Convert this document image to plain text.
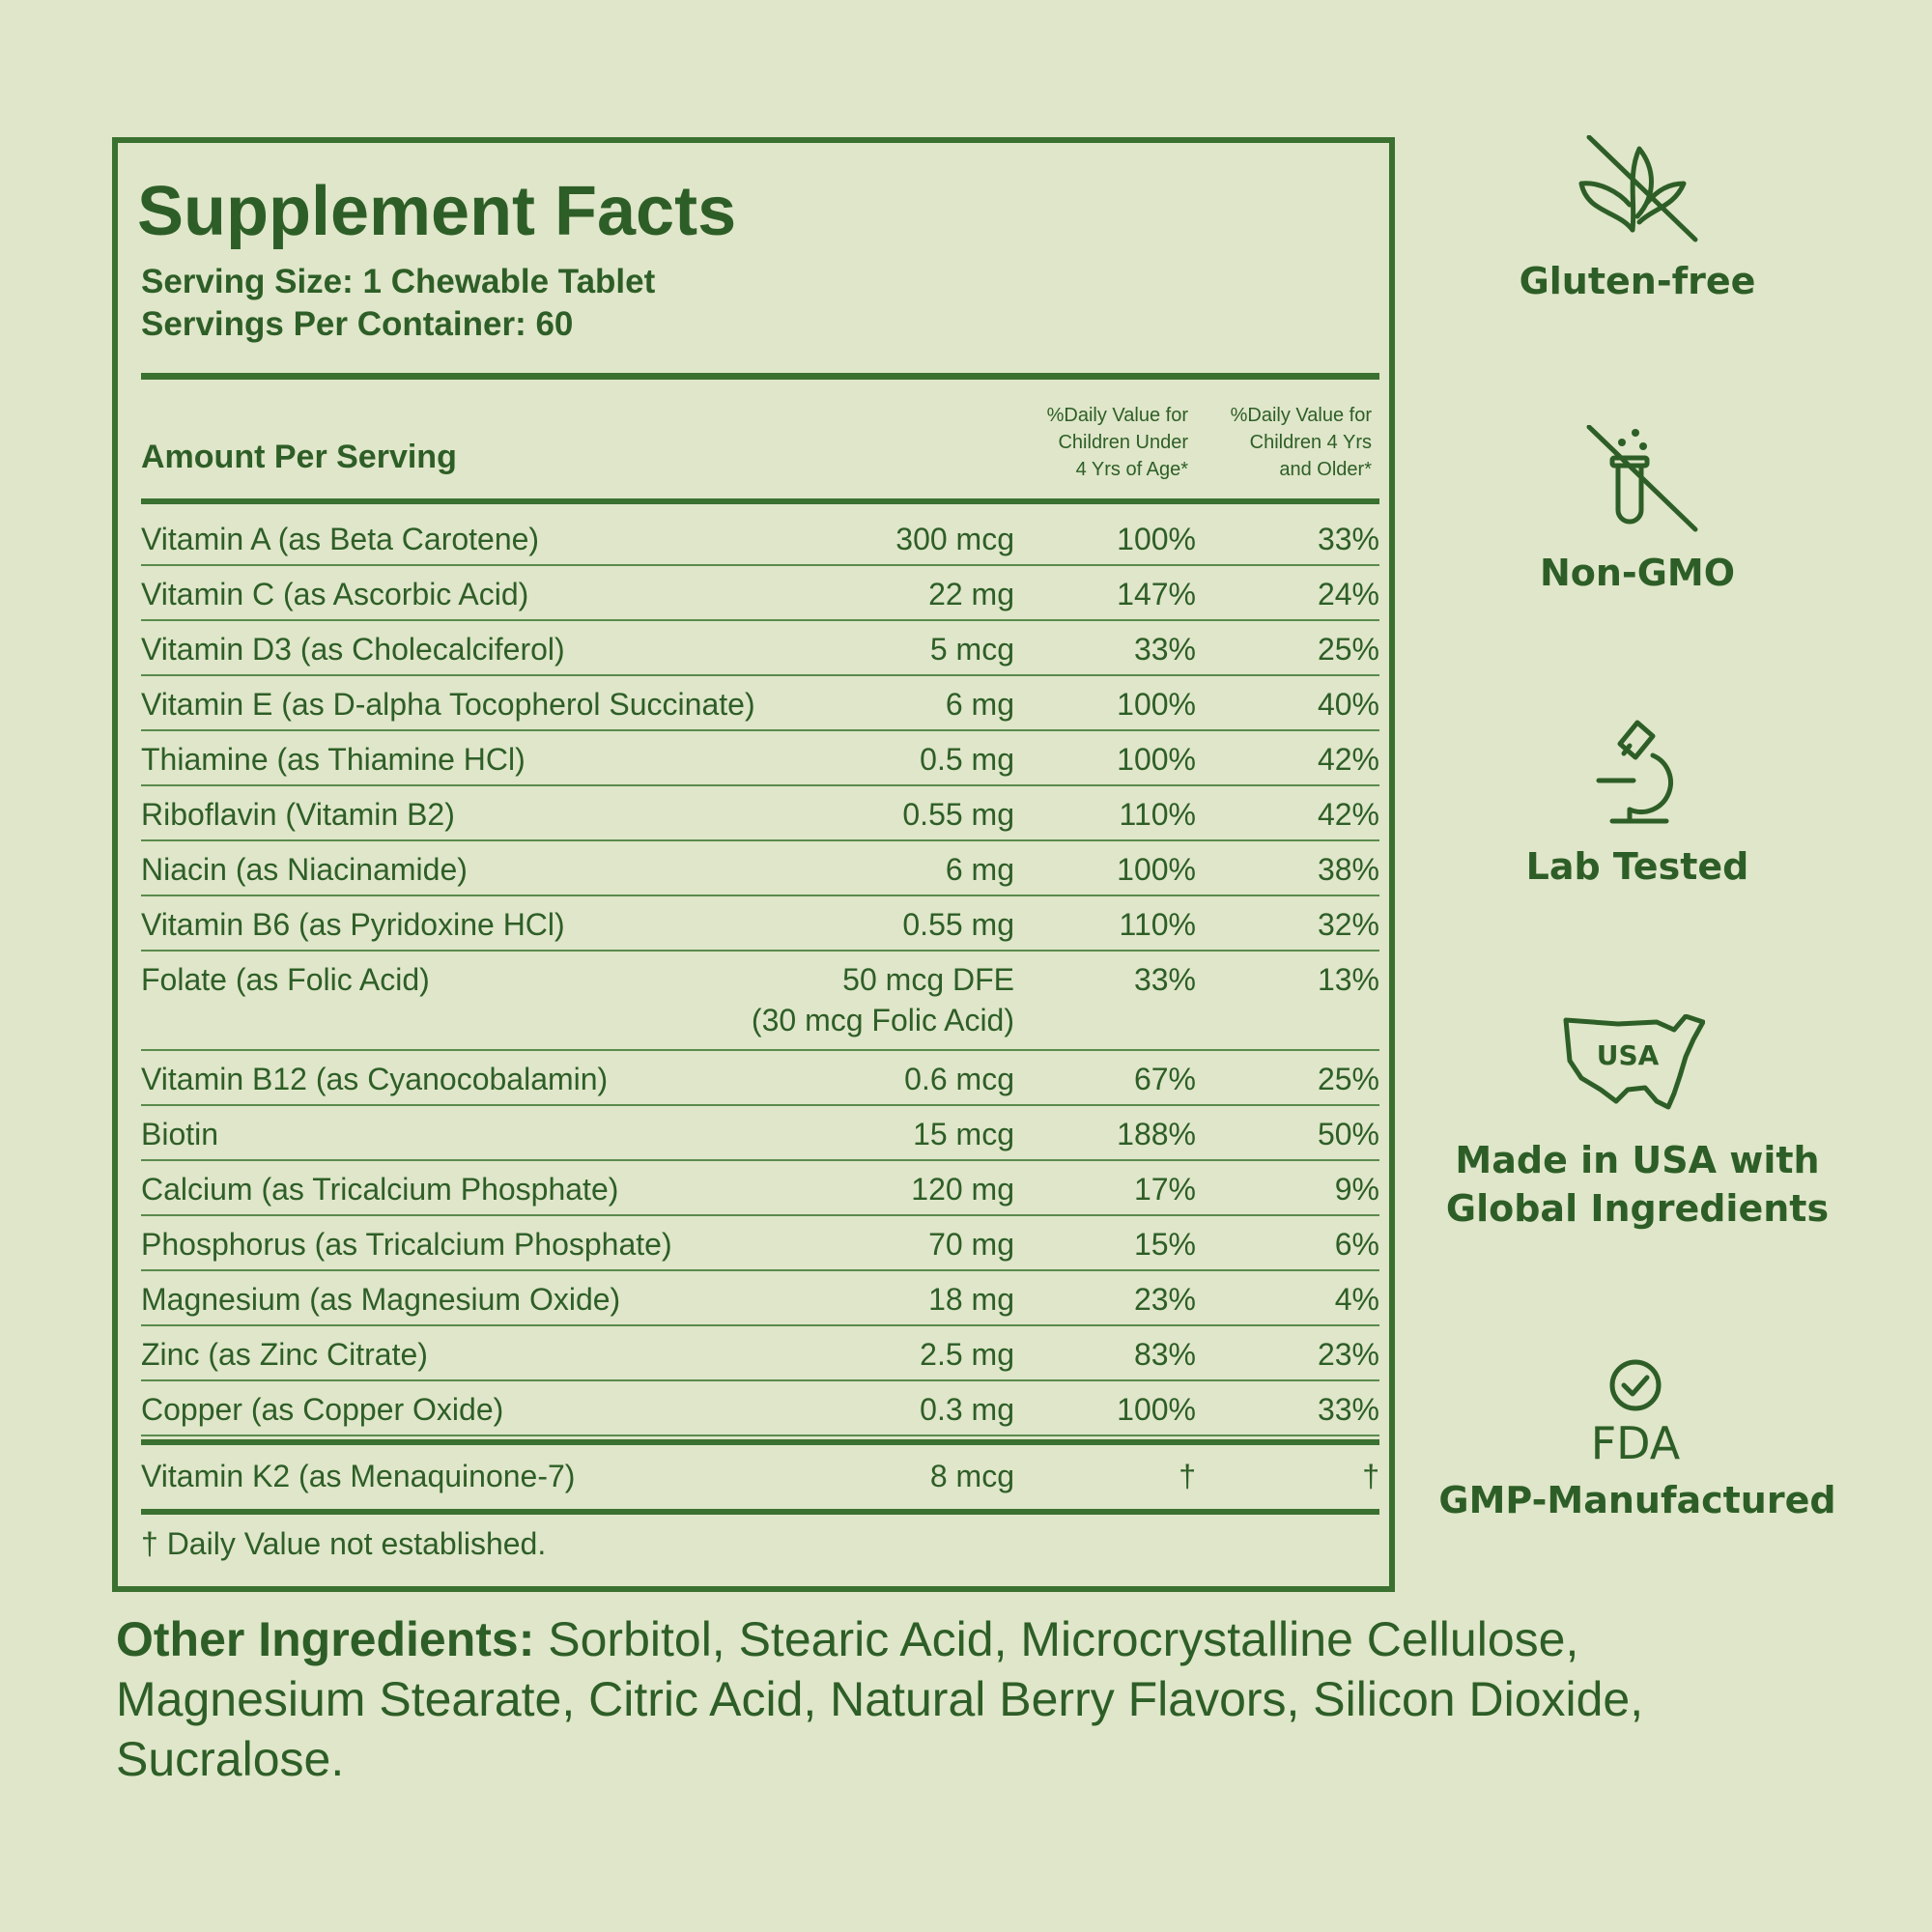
Supplement Facts
Serving Size: 1 Chewable Tablet
Servings Per Container: 60
Amount Per Serving
%Daily Value for
Children Under
4 Yrs of Age*
%Daily Value for
Children 4 Yrs
and Older*
Vitamin A (as Beta Carotene)	300 mcg	100%	33%
Vitamin C (as Ascorbic Acid)	22 mg	147%	24%
Vitamin D3 (as Cholecalciferol)	5 mcg	33%	25%
Vitamin E (as D-alpha Tocopherol Succinate)	6 mg	100%	40%
Thiamine (as Thiamine HCl)	0.5 mg	100%	42%
Riboflavin (Vitamin B2)	0.55 mg	110%	42%
Niacin (as Niacinamide)	6 mg	100%	38%
Vitamin B6 (as Pyridoxine HCl)	0.55 mg	110%	32%
Folate (as Folic Acid)	50 mcg DFE	33%	13%
(30 mcg Folic Acid)
Vitamin B12 (as Cyanocobalamin)	0.6 mcg	67%	25%
Biotin	15 mcg	188%	50%
Calcium (as Tricalcium Phosphate)	120 mg	17%	9%
Phosphorus (as Tricalcium Phosphate)	70 mg	15%	6%
Magnesium (as Magnesium Oxide)	18 mg	23%	4%
Zinc (as Zinc Citrate)	2.5 mg	83%	23%
Copper (as Copper Oxide)	0.3 mg	100%	33%
Vitamin K2 (as Menaquinone-7)	8 mcg	†	†
† Daily Value not established.
Other Ingredients: Sorbitol, Stearic Acid, Microcrystalline Cellulose, Magnesium Stearate, Citric Acid, Natural Berry Flavors, Silicon Dioxide, Sucralose.
Gluten-free
Non-GMO
Lab Tested
USA
Made in USA with
Global Ingredients
FDA
GMP-Manufactured
